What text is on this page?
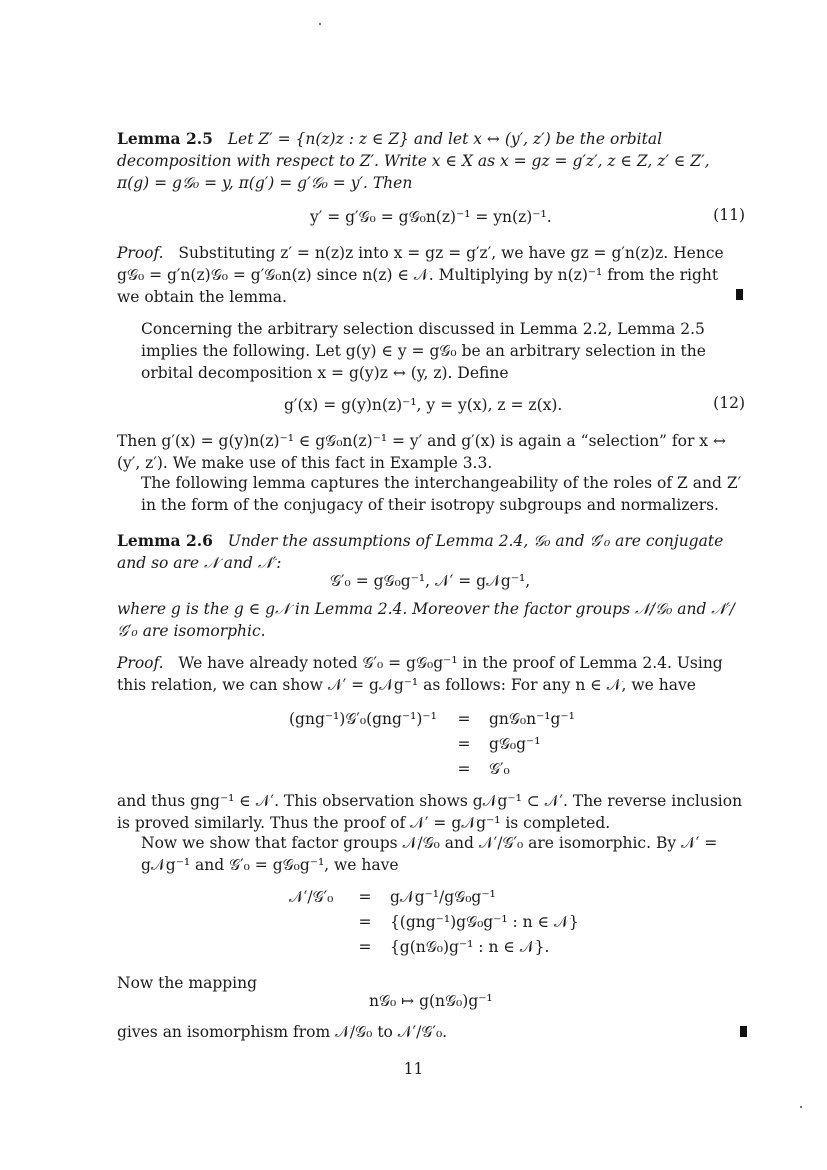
Lemma 2.5 Let Z′ = {n(z)z : z ∈ Z} and let x ↔ (y′, z′) be the orbital decomposition with respect to Z′. Write x ∈ X as x = gz = g′z′, z ∈ Z, z′ ∈ Z′, π(g) = g𝒢₀ = y, π(g′) = g′𝒢₀ = y′. Then
y′ = g′𝒢₀ = g𝒢₀n(z)⁻¹ = yn(z)⁻¹.	(11)
Proof. Substituting z′ = n(z)z into x = gz = g′z′, we have gz = g′n(z)z. Hence g𝒢₀ = g′n(z)𝒢₀ = g′𝒢₀n(z) since n(z) ∈ 𝒩. Multiplying by n(z)⁻¹ from the right we obtain the lemma.
Concerning the arbitrary selection discussed in Lemma 2.2, Lemma 2.5 implies the following. Let g(y) ∈ y = g𝒢₀ be an arbitrary selection in the orbital decomposition x = g(y)z ↔ (y, z). Define
g′(x) = g(y)n(z)⁻¹, y = y(x), z = z(x).	(12)
Then g′(x) = g(y)n(z)⁻¹ ∈ g𝒢₀n(z)⁻¹ = y′ and g′(x) is again a “selection” for x ↔ (y′, z′). We make use of this fact in Example 3.3.
The following lemma captures the interchangeability of the roles of Z and Z′ in the form of the conjugacy of their isotropy subgroups and normalizers.
Lemma 2.6 Under the assumptions of Lemma 2.4, 𝒢₀ and 𝒢′₀ are conjugate and so are 𝒩 and 𝒩′:
𝒢′₀ = g𝒢₀g⁻¹, 𝒩′ = g𝒩g⁻¹,
where g is the g ∈ g𝒩 in Lemma 2.4. Moreover the factor groups 𝒩/𝒢₀ and 𝒩′/𝒢′₀ are isomorphic.
Proof. We have already noted 𝒢′₀ = g𝒢₀g⁻¹ in the proof of Lemma 2.4. Using this relation, we can show 𝒩′ = g𝒩g⁻¹ as follows: For any n ∈ 𝒩, we have
(gng⁻¹)𝒢′₀(gng⁻¹)⁻¹	= gn𝒢₀n⁻¹g⁻¹
= g𝒢₀g⁻¹
= 𝒢′₀
and thus gng⁻¹ ∈ 𝒩′. This observation shows g𝒩g⁻¹ ⊂ 𝒩′. The reverse inclusion is proved similarly. Thus the proof of 𝒩′ = g𝒩g⁻¹ is completed.
Now we show that factor groups 𝒩/𝒢₀ and 𝒩′/𝒢′₀ are isomorphic. By 𝒩′ = g𝒩g⁻¹ and 𝒢′₀ = g𝒢₀g⁻¹, we have
𝒩′/𝒢′₀	= g𝒩g⁻¹/g𝒢₀g⁻¹
= {(gng⁻¹)g𝒢₀g⁻¹ : n ∈ 𝒩}
= {g(n𝒢₀)g⁻¹ : n ∈ 𝒩}.
Now the mapping
n𝒢₀ ↦ g(n𝒢₀)g⁻¹
gives an isomorphism from 𝒩/𝒢₀ to 𝒩′/𝒢′₀.
11
